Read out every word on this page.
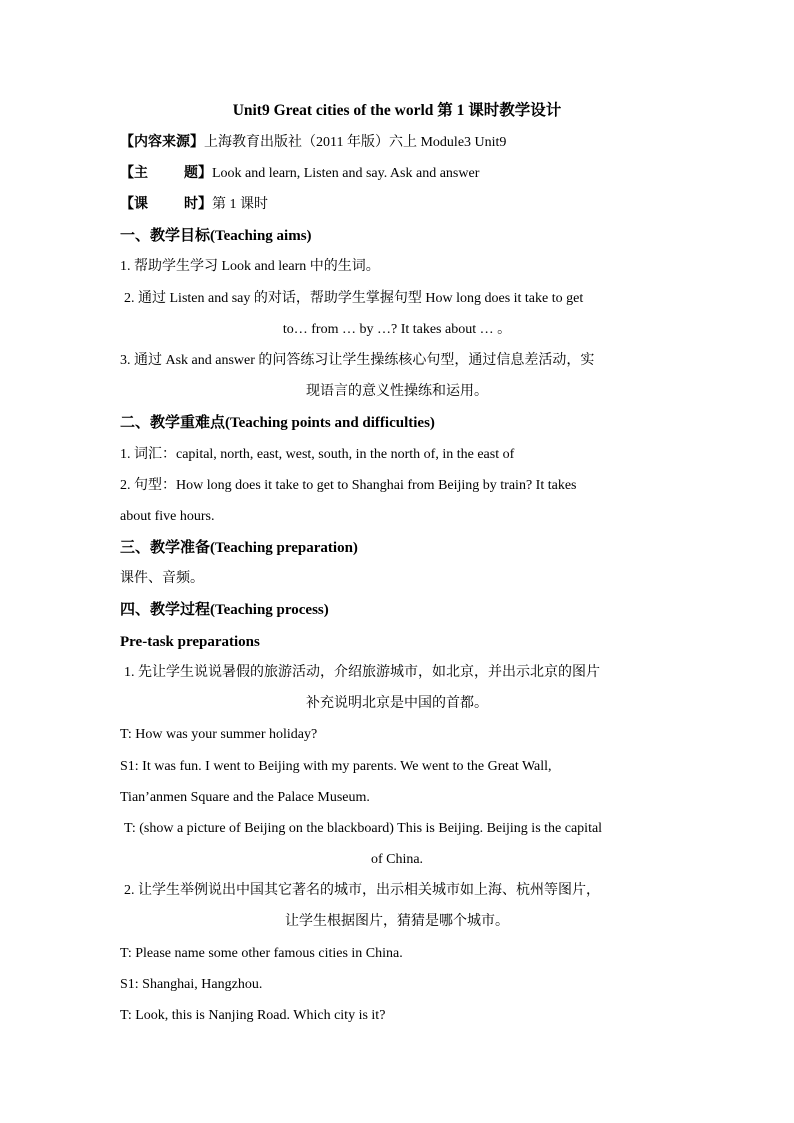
Unit9 Great cities of the world 第 1 课时教学设计
【内容来源】上海教育出版社（2011 年版）六上 Module3 Unit9
【主	题】Look and learn, Listen and say. Ask and answer
【课	时】第 1 课时
一、教学目标(Teaching aims)
1. 帮助学生学习 Look and learn 中的生词。
2. 通过 Listen and say 的对话，帮助学生掌握句型 How long does it take to get
to… from … by …? It takes about … 。
3. 通过 Ask and answer 的问答练习让学生操练核心句型，通过信息差活动，实
现语言的意义性操练和运用。
二、教学重难点(Teaching points and difficulties)
1. 词汇：capital, north, east, west, south, in the north of, in the east of
2. 句型：How long does it take to get to Shanghai from Beijing by train? It takes
about five hours.
三、教学准备(Teaching preparation)
课件、音频。
四、教学过程(Teaching process)
Pre-task preparations
1. 先让学生说说暑假的旅游活动，介绍旅游城市，如北京，并出示北京的图片
补充说明北京是中国的首都。
T: How was your summer holiday?
S1: It was fun. I went to Beijing with my parents. We went to the Great Wall,
Tian’anmen Square and the Palace Museum.
T: (show a picture of Beijing on the blackboard) This is Beijing. Beijing is the capital
of China.
2. 让学生举例说出中国其它著名的城市，出示相关城市如上海、杭州等图片，
让学生根据图片，猜猜是哪个城市。
T: Please name some other famous cities in China.
S1: Shanghai, Hangzhou.
T: Look, this is Nanjing Road. Which city is it?
